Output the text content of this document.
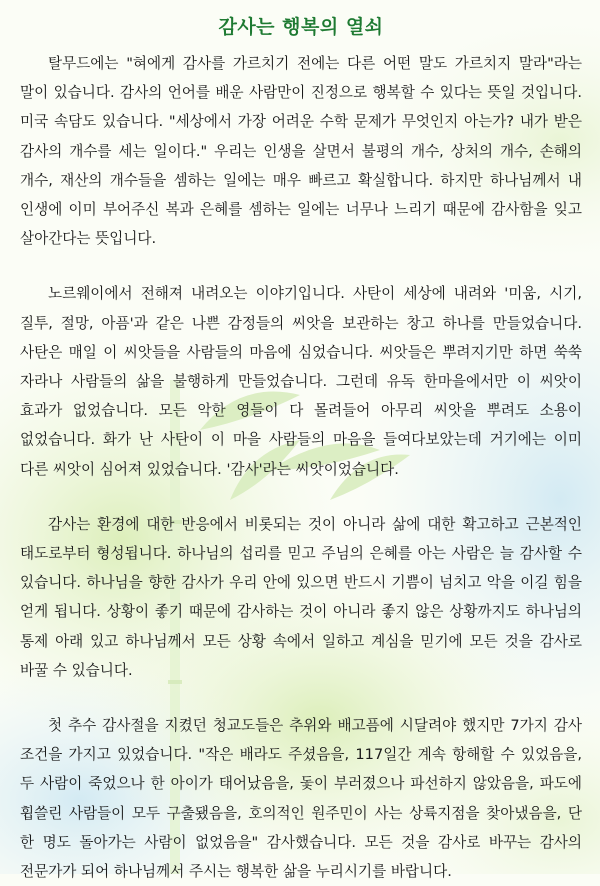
감사는 행복의 열쇠

탈무드에는 "혀에게 감사를 가르치기 전에는 다른 어떤 말도 가르치지 말라"라는 말이 있습니다. 감사의 언어를 배운 사람만이 진정으로 행복할 수 있다는 뜻일 것입니다. 미국 속담도 있습니다. "세상에서 가장 어려운 수학 문제가 무엇인지 아는가? 내가 받은 감사의 개수를 세는 일이다." 우리는 인생을 살면서 불평의 개수, 상처의 개수, 손해의 개수, 재산의 개수들을 셈하는 일에는 매우 빠르고 확실합니다. 하지만 하나님께서 내 인생에 이미 부어주신 복과 은혜를 셈하는 일에는 너무나 느리기 때문에 감사함을 잊고 살아간다는 뜻입니다.

노르웨이에서 전해져 내려오는 이야기입니다. 사탄이 세상에 내려와 '미움, 시기, 질투, 절망, 아픔'과 같은 나쁜 감정들의 씨앗을 보관하는 창고 하나를 만들었습니다. 사탄은 매일 이 씨앗들을 사람들의 마음에 심었습니다. 씨앗들은 뿌려지기만 하면 쑥쑥 자라나 사람들의 삶을 불행하게 만들었습니다. 그런데 유독 한마을에서만 이 씨앗이 효과가 없었습니다. 모든 악한 영들이 다 몰려들어 아무리 씨앗을 뿌려도 소용이 없었습니다. 화가 난 사탄이 이 마을 사람들의 마음을 들여다보았는데 거기에는 이미 다른 씨앗이 심어져 있었습니다. '감사'라는 씨앗이었습니다.

감사는 환경에 대한 반응에서 비롯되는 것이 아니라 삶에 대한 확고하고 근본적인 태도로부터 형성됩니다. 하나님의 섭리를 믿고 주님의 은혜를 아는 사람은 늘 감사할 수 있습니다. 하나님을 향한 감사가 우리 안에 있으면 반드시 기쁨이 넘치고 악을 이길 힘을 얻게 됩니다. 상황이 좋기 때문에 감사하는 것이 아니라 좋지 않은 상황까지도 하나님의 통제 아래 있고 하나님께서 모든 상황 속에서 일하고 계심을 믿기에 모든 것을 감사로 바꿀 수 있습니다.

첫 추수 감사절을 지켰던 청교도들은 추위와 배고픔에 시달려야 했지만 7가지 감사 조건을 가지고 있었습니다. "작은 배라도 주셨음을, 117일간 계속 항해할 수 있었음을, 두 사람이 죽었으나 한 아이가 태어났음을, 돛이 부러졌으나 파선하지 않았음을, 파도에 휩쓸린 사람들이 모두 구출됐음을, 호의적인 원주민이 사는 상륙지점을 찾아냈음을, 단 한 명도 돌아가는 사람이 없었음을" 감사했습니다. 모든 것을 감사로 바꾸는 감사의 전문가가 되어 하나님께서 주시는 행복한 삶을 누리시기를 바랍니다.
